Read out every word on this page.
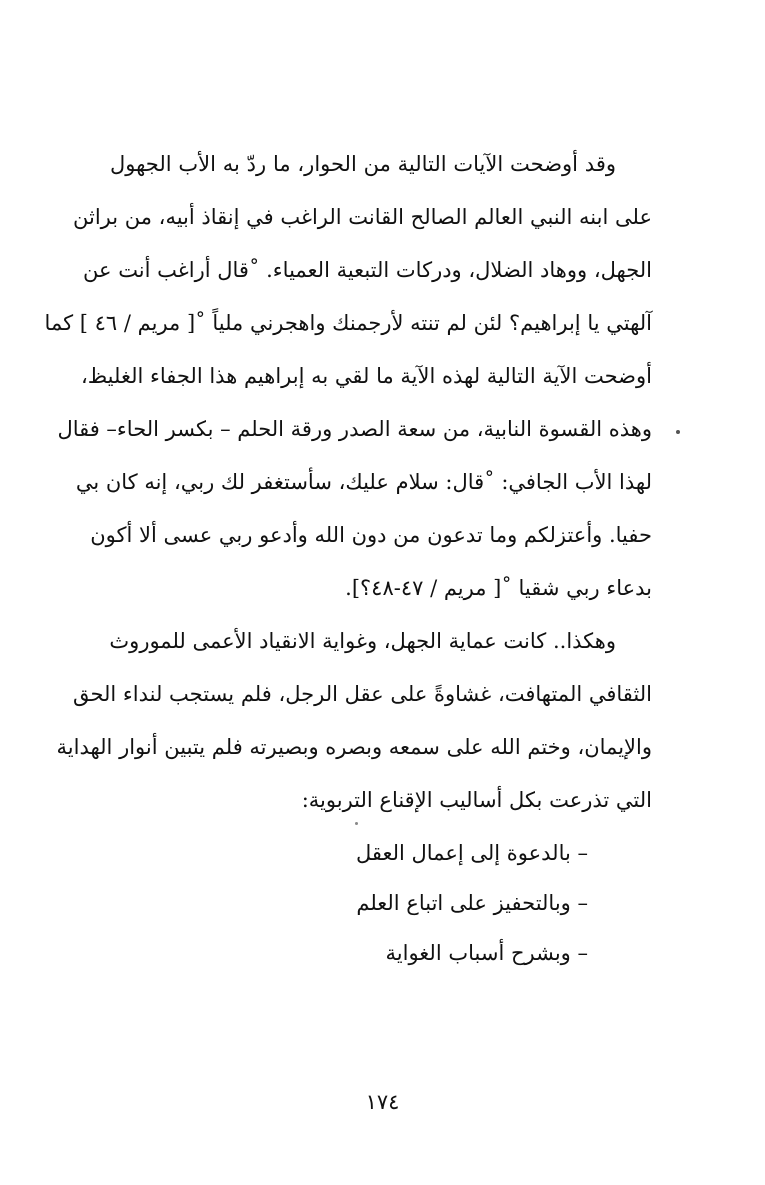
وقد أوضحت الآيات التالية من الحوار، ما ردّ به الأب الجهول
على ابنه النبي العالم الصالح القانت الراغب في إنقاذ أبيه، من براثن
الجهل، ووهاد الضلال، ودركات التبعية العمياء. ˚قال أراغب أنت عن
آلهتي يا إبراهيم؟ لئن لم تنته لأرجمنك واهجرني ملياً ˚[ مريم / ٤٦ ] كما
أوضحت الآية التالية لهذه الآية ما لقي به إبراهيم هذا الجفاء الغليظ،
وهذه القسوة النابية، من سعة الصدر ورقة الحلم – بكسر الحاء– فقال
لهذا الأب الجافي: ˚قال: سلام عليك، سأستغفر لك ربي، إنه كان بي
حفيا. وأعتزلكم وما تدعون من دون الله وأدعو ربي عسى ألا أكون
بدعاء ربي شقيا ˚[ مريم / ٤٧-٤٨؟].
وهكذا.. كانت عماية الجهل، وغواية الانقياد الأعمى للموروث
الثقافي المتهافت، غشاوةً على عقل الرجل، فلم يستجب لنداء الحق
والإيمان، وختم الله على سمعه وبصره وبصيرته فلم يتبين أنوار الهداية
التي تذرعت بكل أساليب الإقناع التربوية:
– بالدعوة إلى إعمال العقل
– وبالتحفيز على اتباع العلم
– وبشرح أسباب الغواية
١٧٤
